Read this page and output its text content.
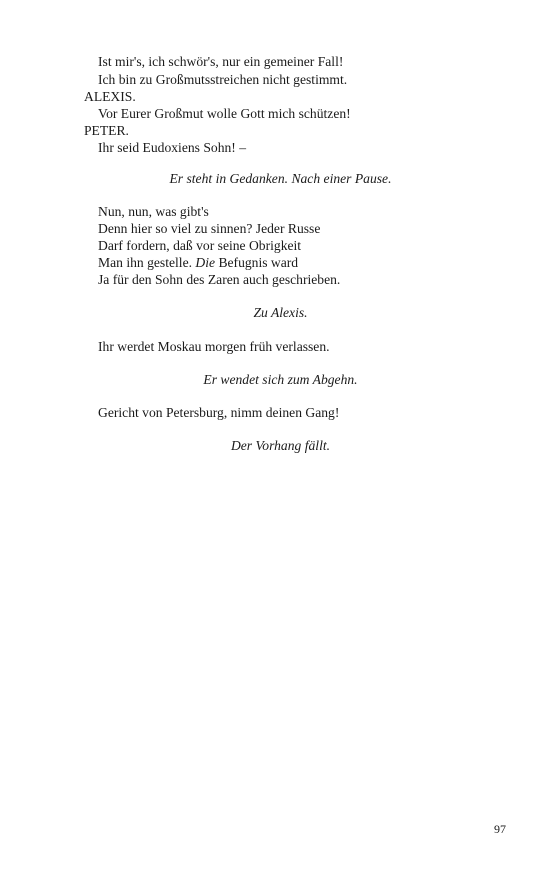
Ist mir's, ich schwör's, nur ein gemeiner Fall!
Ich bin zu Großmutsstreichen nicht gestimmt.
ALEXIS.
Vor Eurer Großmut wolle Gott mich schützen!
PETER.
Ihr seid Eudoxiens Sohn! –
Er steht in Gedanken. Nach einer Pause.
Nun, nun, was gibt's
Denn hier so viel zu sinnen? Jeder Russe
Darf fordern, daß vor seine Obrigkeit
Man ihn gestelle. Die Befugnis ward
Ja für den Sohn des Zaren auch geschrieben.
Zu Alexis.
Ihr werdet Moskau morgen früh verlassen.
Er wendet sich zum Abgehn.
Gericht von Petersburg, nimm deinen Gang!
Der Vorhang fällt.
97
